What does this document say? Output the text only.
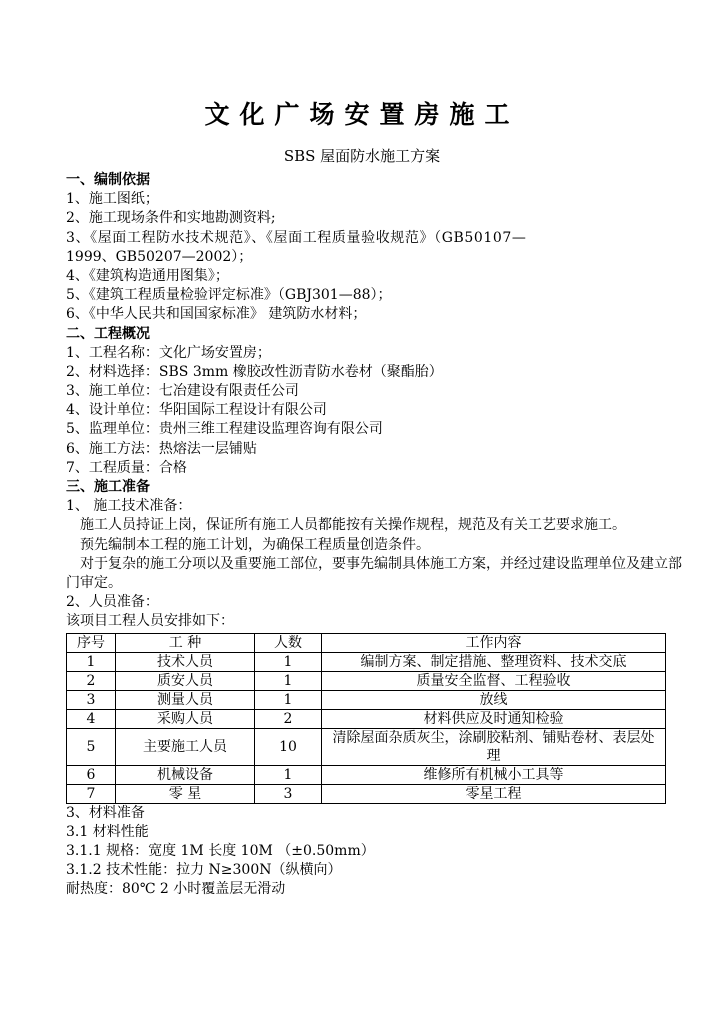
文化广场安置房施工
SBS 屋面防水施工方案
一、编制依据
1、施工图纸；
2、施工现场条件和实地勘测资料;
3、《屋面工程防水技术规范》、《屋面工程质量验收规范》（GB50107—
1999、GB50207—2002）；
4、《建筑构造通用图集》；
5、《建筑工程质量检验评定标准》（GBJ301—88）；
6、《中华人民共和国国家标准》 建筑防水材料；
二、工程概况
1、工程名称：文化广场安置房；
2、材料选择：SBS 3mm 橡胶改性沥青防水卷材（聚酯胎）
3、施工单位：七冶建设有限责任公司
4、设计单位：华阳国际工程设计有限公司
5、监理单位：贵州三维工程建设监理咨询有限公司
6、施工方法：热熔法一层铺贴
7、工程质量：合格
三、施工准备
1、 施工技术准备：
施工人员持证上岗，保证所有施工人员都能按有关操作规程，规范及有关工艺要求施工。
预先编制本工程的施工计划，为确保工程质量创造条件。
对于复杂的施工分项以及重要施工部位，要事先编制具体施工方案，并经过建设监理单位及建立部门审定。
2、人员准备：
该项目工程人员安排如下：
序号	工 种	人数	工作内容
1	技术人员	1	编制方案、制定措施、整理资料、技术交底
2	质安人员	1	质量安全监督、工程验收
3	测量人员	1	放线
4	采购人员	2	材料供应及时通知检验
5	主要施工人员	10	清除屋面杂质灰尘，涂刷胶粘剂、铺贴卷材、表层处理
6	机械设备	1	维修所有机械小工具等
7	零 星	3	零星工程
3、材料准备
3.1 材料性能
3.1.1 规格：宽度 1M 长度 10M （±0.50mm）
3.1.2 技术性能：拉力 N≥300N（纵横向）
耐热度：80℃ 2 小时覆盖层无滑动
